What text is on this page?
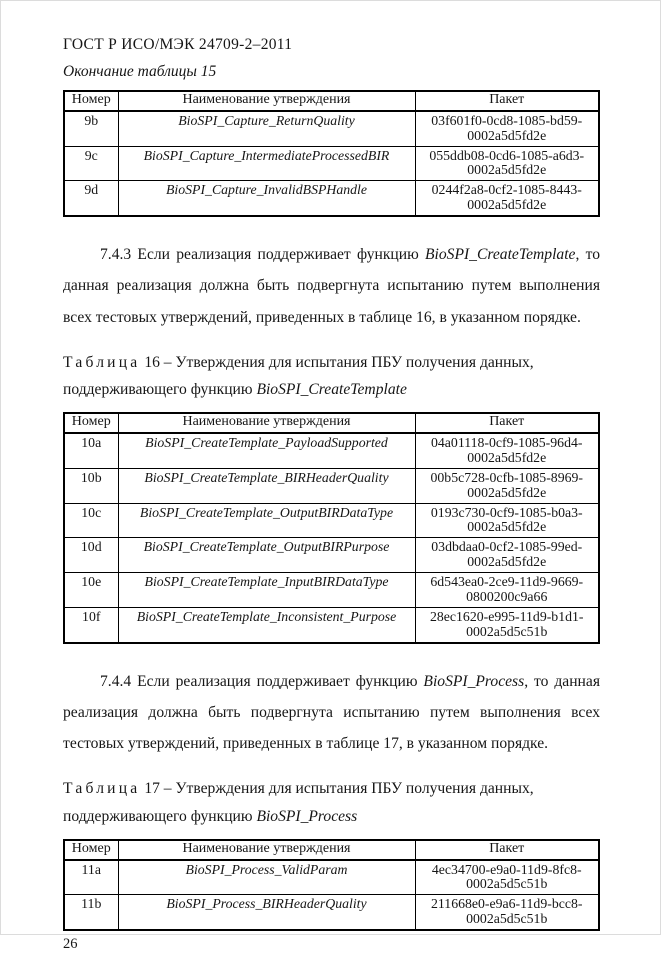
ГОСТ Р ИСО/МЭК 24709-2–2011

Окончание таблицы 15

Номер	Наименование утверждения	Пакет
9b	BioSPI_Capture_ReturnQuality	03f601f0-0cd8-1085-bd59-
0002a5d5fd2e

9c	BioSPI_Capture_IntermediateProcessedBIR	055ddb08-0cd6-1085-a6d3-
0002a5d5fd2e

9d	BioSPI_Capture_InvalidBSPHandle	0244f2a8-0cf2-1085-8443-
0002a5d5fd2e

7.4.3 Если реализация поддерживает функцию BioSPI_CreateTemplate, то данная реализация должна быть подвергнута испытанию путем выполнения всех тестовых утверждений, приведенных в таблице 16, в указанном порядке.

Таблица 16 – Утверждения для испытания ПБУ получения данных, поддерживающего функцию BioSPI_CreateTemplate

Номер	Наименование утверждения	Пакет
10a	BioSPI_CreateTemplate_PayloadSupported	04a01118-0cf9-1085-96d4-
0002a5d5fd2e

10b	BioSPI_CreateTemplate_BIRHeaderQuality	00b5c728-0cfb-1085-8969-
0002a5d5fd2e

10c	BioSPI_CreateTemplate_OutputBIRDataType	0193c730-0cf9-1085-b0a3-
0002a5d5fd2e

10d	BioSPI_CreateTemplate_OutputBIRPurpose	03dbdaa0-0cf2-1085-99ed-
0002a5d5fd2e

10e	BioSPI_CreateTemplate_InputBIRDataType	6d543ea0-2ce9-11d9-9669-
0800200c9a66

10f	BioSPI_CreateTemplate_Inconsistent_Purpose	28ec1620-e995-11d9-b1d1-
0002a5d5c51b

7.4.4 Если реализация поддерживает функцию BioSPI_Process, то данная реализация должна быть подвергнута испытанию путем выполнения всех тестовых утверждений, приведенных в таблице 17, в указанном порядке.

Таблица 17 – Утверждения для испытания ПБУ получения данных, поддерживающего функцию BioSPI_Process

Номер	Наименование утверждения	Пакет
11a	BioSPI_Process_ValidParam	4ec34700-e9a0-11d9-8fc8-
0002a5d5c51b

11b	BioSPI_Process_BIRHeaderQuality	211668e0-e9a6-11d9-bcc8-
0002a5d5c51b

26
